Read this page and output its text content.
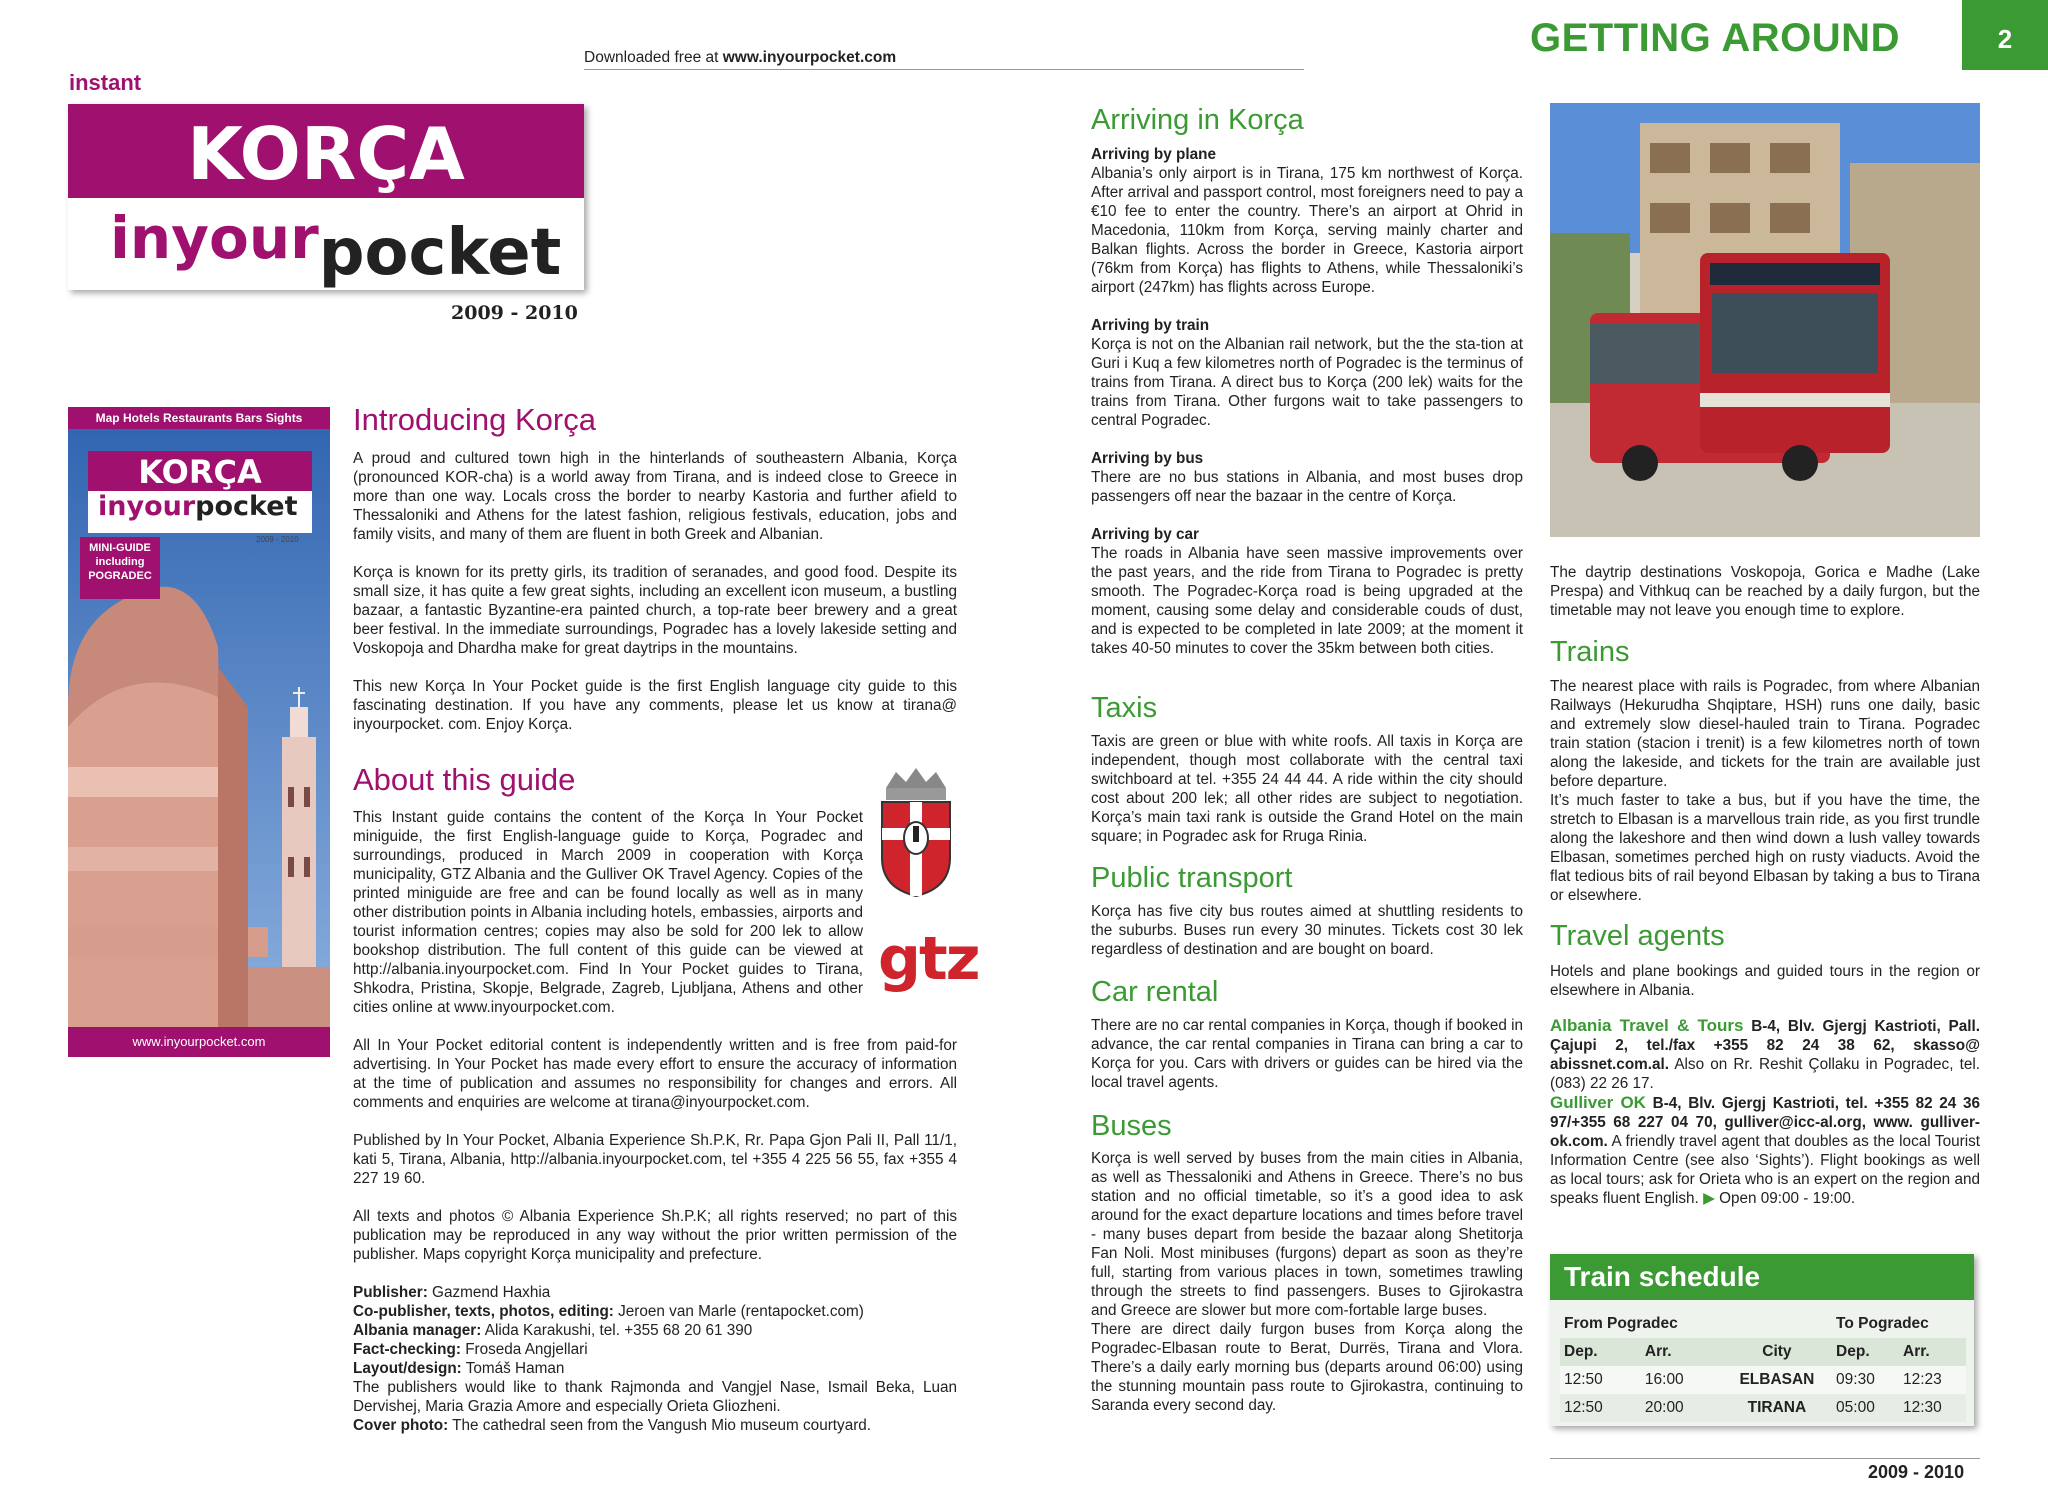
Downloaded free at www.inyourpocket.com	GETTING AROUND	2
instant
KORÇA
inyourpocket
2009 - 2010
Map Hotels Restaurants Bars Sights
KORÇA
inyourpocket
2009 - 2010
MINI-GUIDE
including
POGRADEC
www.inyourpocket.com
Introducing Korça

A proud and cultured town high in the hinterlands of southeastern Albania, Korça (pronounced KOR-cha) is a world away from Tirana, and is indeed close to Greece in more than one way. Locals cross the border to nearby Kastoria and further afield to Thessaloniki and Athens for the latest fashion, religious festivals, education, jobs and family visits, and many of them are fluent in both Greek and Albanian.

Korça is known for its pretty girls, its tradition of seranades, and good food. Despite its small size, it has quite a few great sights, including an excellent icon museum, a bustling bazaar, a fantastic Byzantine-era painted church, a top-rate beer brewery and a great beer festival. In the immediate surroundings, Pogradec has a lovely lakeside setting and Voskopoja and Dhardha make for great daytrips in the mountains.

This new Korça In Your Pocket guide is the first English language city guide to this fascinating destination. If you have any comments, please let us know at tirana@ inyourpocket. com. Enjoy Korça.

About this guide

This Instant guide contains the content of the Korça In Your Pocket miniguide, the first English-language guide to Korça, Pogradec and surroundings, produced in March 2009 in cooperation with Korça municipality, GTZ Albania and the Gulliver OK Travel Agency. Copies of the printed miniguide are free and can be found locally as well as in many other distribution points in Albania including hotels, embassies, airports and tourist information centres; copies may also be sold for 200 lek to allow bookshop distribution. The full content of this guide can be viewed at http://albania.inyourpocket.com. Find In Your Pocket guides to Tirana, Shkodra, Pristina, Skopje, Belgrade, Zagreb, Ljubljana, Athens and other cities online at www.inyourpocket.com.

All In Your Pocket editorial content is independently written and is free from paid-for advertising. In Your Pocket has made every effort to ensure the accuracy of information at the time of publication and assumes no responsibility for changes and errors. All comments and enquiries are welcome at tirana@inyourpocket.com.

Published by In Your Pocket, Albania Experience Sh.P.K, Rr. Papa Gjon Pali II, Pall 11/1, kati 5, Tirana, Albania, http://albania.inyourpocket.com, tel +355 4 225 56 55, fax +355 4 227 19 60.

All texts and photos © Albania Experience Sh.P.K; all rights reserved; no part of this publication may be reproduced in any way without the prior written permission of the publisher. Maps copyright Korça municipality and prefecture.

Publisher: Gazmend Haxhia
Co-publisher, texts, photos, editing: Jeroen van Marle (rentapocket.com)
Albania manager: Alida Karakushi, tel. +355 68 20 61 390
Fact-checking: Froseda Angjellari
Layout/design: Tomáš Haman
The publishers would like to thank Rajmonda and Vangjel Nase, Ismail Beka, Luan Dervishej, Maria Grazia Amore and especially Orieta Gliozheni.
Cover photo: The cathedral seen from the Vangush Mio museum courtyard.
gtz
Arriving in Korça
Arriving by plane

Albania’s only airport is in Tirana, 175 km northwest of Korça. After arrival and passport control, most foreigners need to pay a €10 fee to enter the country. There’s an airport at Ohrid in Macedonia, 110km from Korça, serving mainly charter and Balkan flights. Across the border in Greece, Kastoria airport (76km from Korça) has flights to Athens, while Thessaloniki’s airport (247km) has flights across Europe.

Arriving by train

Korça is not on the Albanian rail network, but the the sta-tion at Guri i Kuq a few kilometres north of Pogradec is the terminus of trains from Tirana. A direct bus to Korça (200 lek) waits for the trains from Tirana. Other furgons wait to take passengers to central Pogradec.

Arriving by bus

There are no bus stations in Albania, and most buses drop passengers off near the bazaar in the centre of Korça.

Arriving by car

The roads in Albania have seen massive improvements over the past years, and the ride from Tirana to Pogradec is pretty smooth. The Pogradec-Korça road is being upgraded at the moment, causing some delay and considerable couds of dust, and is expected to be completed in late 2009; at the moment it takes 40-50 minutes to cover the 35km between both cities.

Taxis
Taxis are green or blue with white roofs. All taxis in Korça are independent, though most collaborate with the central taxi switchboard at tel. +355 24 44 44. A ride within the city should cost about 200 lek; all other rides are subject to negotiation. Korça’s main taxi rank is outside the Grand Hotel on the main square; in Pogradec ask for Rruga Rinia.
Public transport
Korça has five city bus routes aimed at shuttling residents to the suburbs. Buses run every 30 minutes. Tickets cost 30 lek regardless of destination and are bought on board.
Car rental
There are no car rental companies in Korça, though if booked in advance, the car rental companies in Tirana can bring a car to Korça for you. Cars with drivers or guides can be hired via the local travel agents.
Buses
Korça is well served by buses from the main cities in Albania, as well as Thessaloniki and Athens in Greece. There’s no bus station and no official timetable, so it’s a good idea to ask around for the exact departure locations and times before travel - many buses depart from beside the bazaar along Shetitorja Fan Noli. Most minibuses (furgons) depart as soon as they’re full, starting from various places in town, sometimes trawling through the streets to find passengers. Buses to Gjirokastra and Greece are slower but more com-fortable large buses.
There are direct daily furgon buses from Korça along the Pogradec-Elbasan route to Berat, Durrës, Tirana and Vlora. There’s a daily early morning bus (departs around 06:00) using the stunning mountain pass route to Gjirokastra, continuing to Saranda every second day.
The daytrip destinations Voskopoja, Gorica e Madhe (Lake Prespa) and Vithkuq can be reached by a daily furgon, but the timetable may not leave you enough time to explore.
Trains
The nearest place with rails is Pogradec, from where Albanian Railways (Hekurudha Shqiptare, HSH) runs one daily, basic and extremely slow diesel-hauled train to Tirana. Pogradec train station (stacion i trenit) is a few kilometres north of town along the lakeside, and tickets for the train are available just before departure.
It’s much faster to take a bus, but if you have the time, the stretch to Elbasan is a marvellous train ride, as you first trundle along the lakeshore and then wind down a lush valley towards Elbasan, sometimes perched high on rusty viaducts. Avoid the flat tedious bits of rail beyond Elbasan by taking a bus to Tirana or elsewhere.
Travel agents
Hotels and plane bookings and guided tours in the region or elsewhere in Albania.
Albania Travel & Tours B-4, Blv. Gjergj Kastrioti, Pall. Çajupi 2, tel./fax +355 82 24 38 62, skasso@ abissnet.com.al. Also on Rr. Reshit Çollaku in Pogradec, tel. (083) 22 26 17.
Gulliver OK B-4, Blv. Gjergj Kastrioti, tel. +355 82 24 36 97/+355 68 227 04 70, gulliver@icc-al.org, www. gulliver-ok.com. A friendly travel agent that doubles as the local Tourist Information Centre (see also ‘Sights’). Flight bookings as well as local tours; ask for Orieta who is an expert on the region and speaks fluent English. ▶ Open 09:00 - 19:00.
Train schedule
From Pogradec			To Pogradec	
Dep.	Arr.	City	Dep.	Arr.
12:50	16:00	ELBASAN	09:30	12:23
12:50	20:00	TIRANA	05:00	12:30
2009 - 2010
